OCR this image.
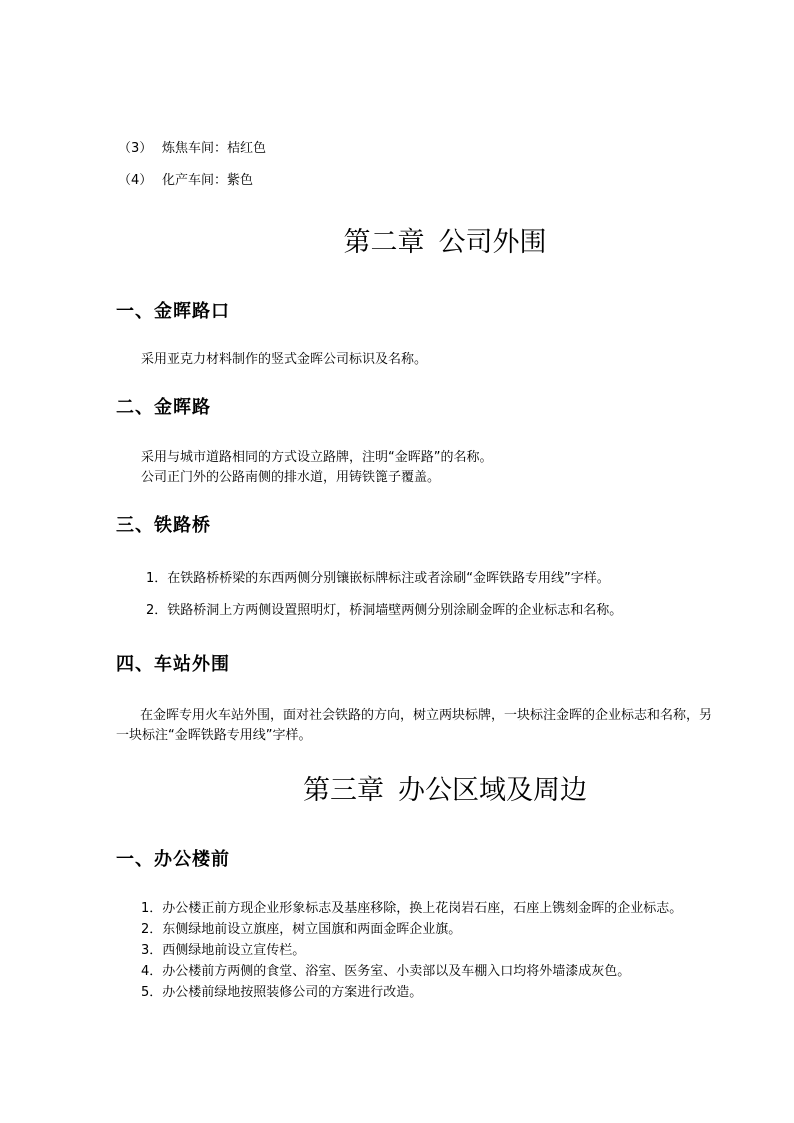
（3） 炼焦车间：桔红色
（4） 化产车间：紫色
第二章 公司外围
一、金晖路口
采用亚克力材料制作的竖式金晖公司标识及名称。
二、金晖路
采用与城市道路相同的方式设立路牌，注明“金晖路”的名称。
公司正门外的公路南侧的排水道，用铸铁篦子覆盖。
三、铁路桥
1．在铁路桥桥梁的东西两侧分别镶嵌标牌标注或者涂刷“金晖铁路专用线”字样。
2．铁路桥洞上方两侧设置照明灯，桥洞墙壁两侧分别涂刷金晖的企业标志和名称。
四、车站外围
在金晖专用火车站外围，面对社会铁路的方向，树立两块标牌，一块标注金晖的企业标志和名称，另一块标注“金晖铁路专用线”字样。
第三章 办公区域及周边
一、办公楼前
1．办公楼正前方现企业形象标志及基座移除，换上花岗岩石座，石座上镌刻金晖的企业标志。
2．东侧绿地前设立旗座，树立国旗和两面金晖企业旗。
3．西侧绿地前设立宣传栏。
4．办公楼前方两侧的食堂、浴室、医务室、小卖部以及车棚入口均将外墙漆成灰色。
5．办公楼前绿地按照装修公司的方案进行改造。
